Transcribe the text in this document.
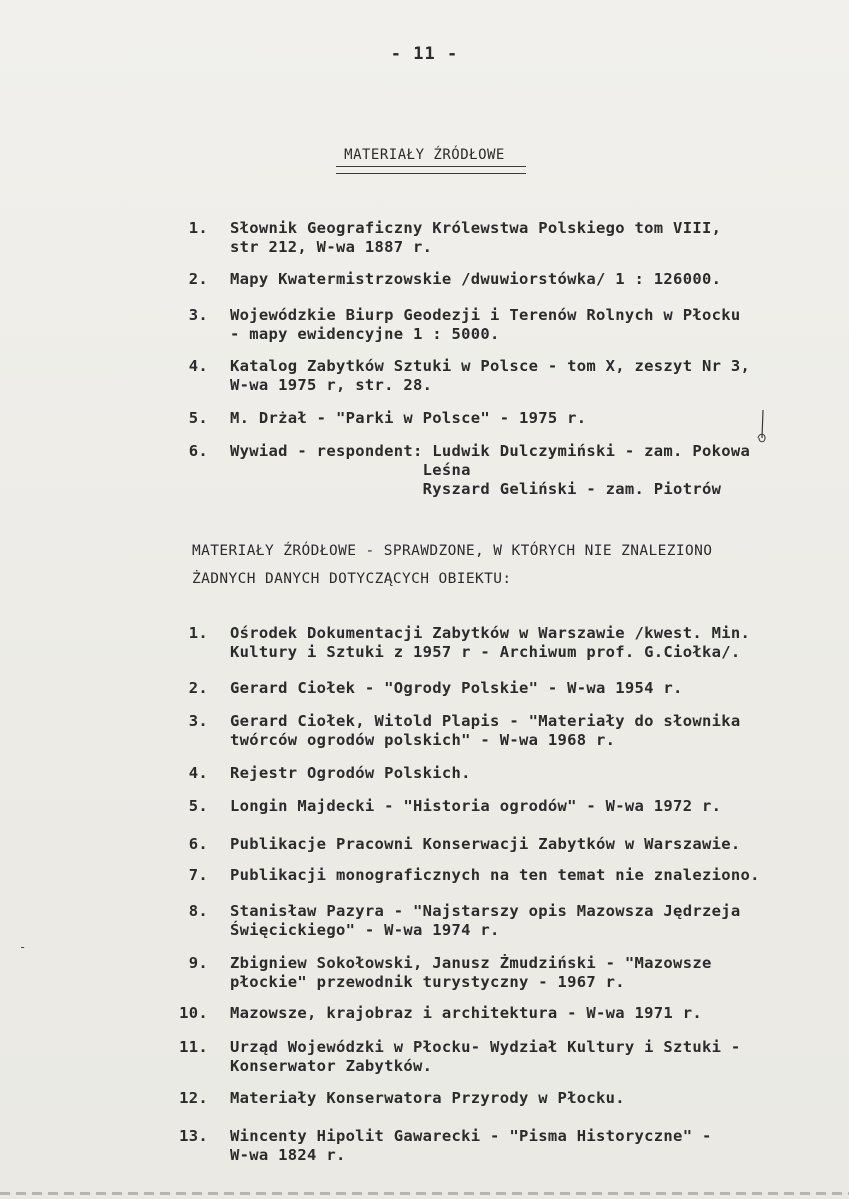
- 11 -
MATERIAŁY ŹRÓDŁOWE
1. Słownik Geograficzny Królewstwa Polskiego tom VIII,
str 212, W-wa 1887 r.
2. Mapy Kwatermistrzowskie /dwuwiorstówka/ 1 : 126000.
3. Wojewódzkie Biurp Geodezji i Terenów Rolnych w Płocku
- mapy ewidencyjne 1 : 5000.
4. Katalog Zabytków Sztuki w Polsce - tom X, zeszyt Nr 3,
W-wa 1975 r, str. 28.
5. M. Drżał - "Parki w Polsce" - 1975 r.
6. Wywiad - respondent: Ludwik Dulczymiński - zam. Pokowa
Leśna
Ryszard Geliński - zam. Piotrów
MATERIAŁY ŹRÓDŁOWE - SPRAWDZONE, W KTÓRYCH NIE ZNALEZIONO
ŻADNYCH DANYCH DOTYCZĄCYCH OBIEKTU:
1. Ośrodek Dokumentacji Zabytków w Warszawie /kwest. Min.
Kultury i Sztuki z 1957 r - Archiwum prof. G.Ciołka/.
2. Gerard Ciołek - "Ogrody Polskie" - W-wa 1954 r.
3. Gerard Ciołek, Witold Plapis - "Materiały do słownika
twórców ogrodów polskich" - W-wa 1968 r.
4. Rejestr Ogrodów Polskich.
5. Longin Majdecki - "Historia ogrodów" - W-wa 1972 r.
6. Publikacje Pracowni Konserwacji Zabytków w Warszawie.
7. Publikacji monograficznych na ten temat nie znaleziono.
8. Stanisław Pazyra - "Najstarszy opis Mazowsza Jędrzeja
Święcickiego" - W-wa 1974 r.
9. Zbigniew Sokołowski, Janusz Żmudziński - "Mazowsze
płockie" przewodnik turystyczny - 1967 r.
10. Mazowsze, krajobraz i architektura - W-wa 1971 r.
11. Urząd Wojewódzki w Płocku- Wydział Kultury i Sztuki -
Konserwator Zabytków.
12. Materiały Konserwatora Przyrody w Płocku.
13. Wincenty Hipolit Gawarecki - "Pisma Historyczne" -
W-wa 1824 r.
-
